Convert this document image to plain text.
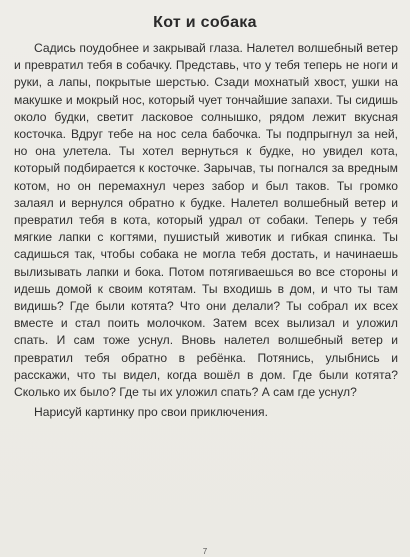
Кот и собака

Садись поудобнее и закрывай глаза. Налетел волшебный ветер и превратил тебя в собачку. Представь, что у тебя теперь не ноги и руки, а лапы, покрытые шерстью. Сзади мохнатый хвост, ушки на макушке и мокрый нос, который чует тончайшие запахи. Ты сидишь около будки, светит ласковое солнышко, рядом лежит вкусная косточка. Вдруг тебе на нос села бабочка. Ты подпрыгнул за ней, но она улетела. Ты хотел вернуться к будке, но увидел кота, который подбирается к косточке. Зарычав, ты погнался за вредным котом, но он перемахнул через забор и был таков. Ты громко залаял и вернулся обратно к будке. Налетел волшебный ветер и превратил тебя в кота, который удрал от собаки. Теперь у тебя мягкие лапки с когтями, пушистый животик и гибкая спинка. Ты садишься так, чтобы собака не могла тебя достать, и начинаешь вылизывать лапки и бока. Потом потягиваешься во все стороны и идешь домой к своим котятам. Ты входишь в дом, и что ты там видишь? Где были котята? Что они делали? Ты собрал их всех вместе и стал поить молочком. Затем всех вылизал и уложил спать. И сам тоже уснул. Вновь налетел волшебный ветер и превратил тебя обратно в ребёнка. Потянись, улыбнись и расскажи, что ты видел, когда вошёл в дом. Где были котята? Сколько их было? Где ты их уложил спать? А сам где уснул?

Нарисуй картинку про свои приключения.

7
